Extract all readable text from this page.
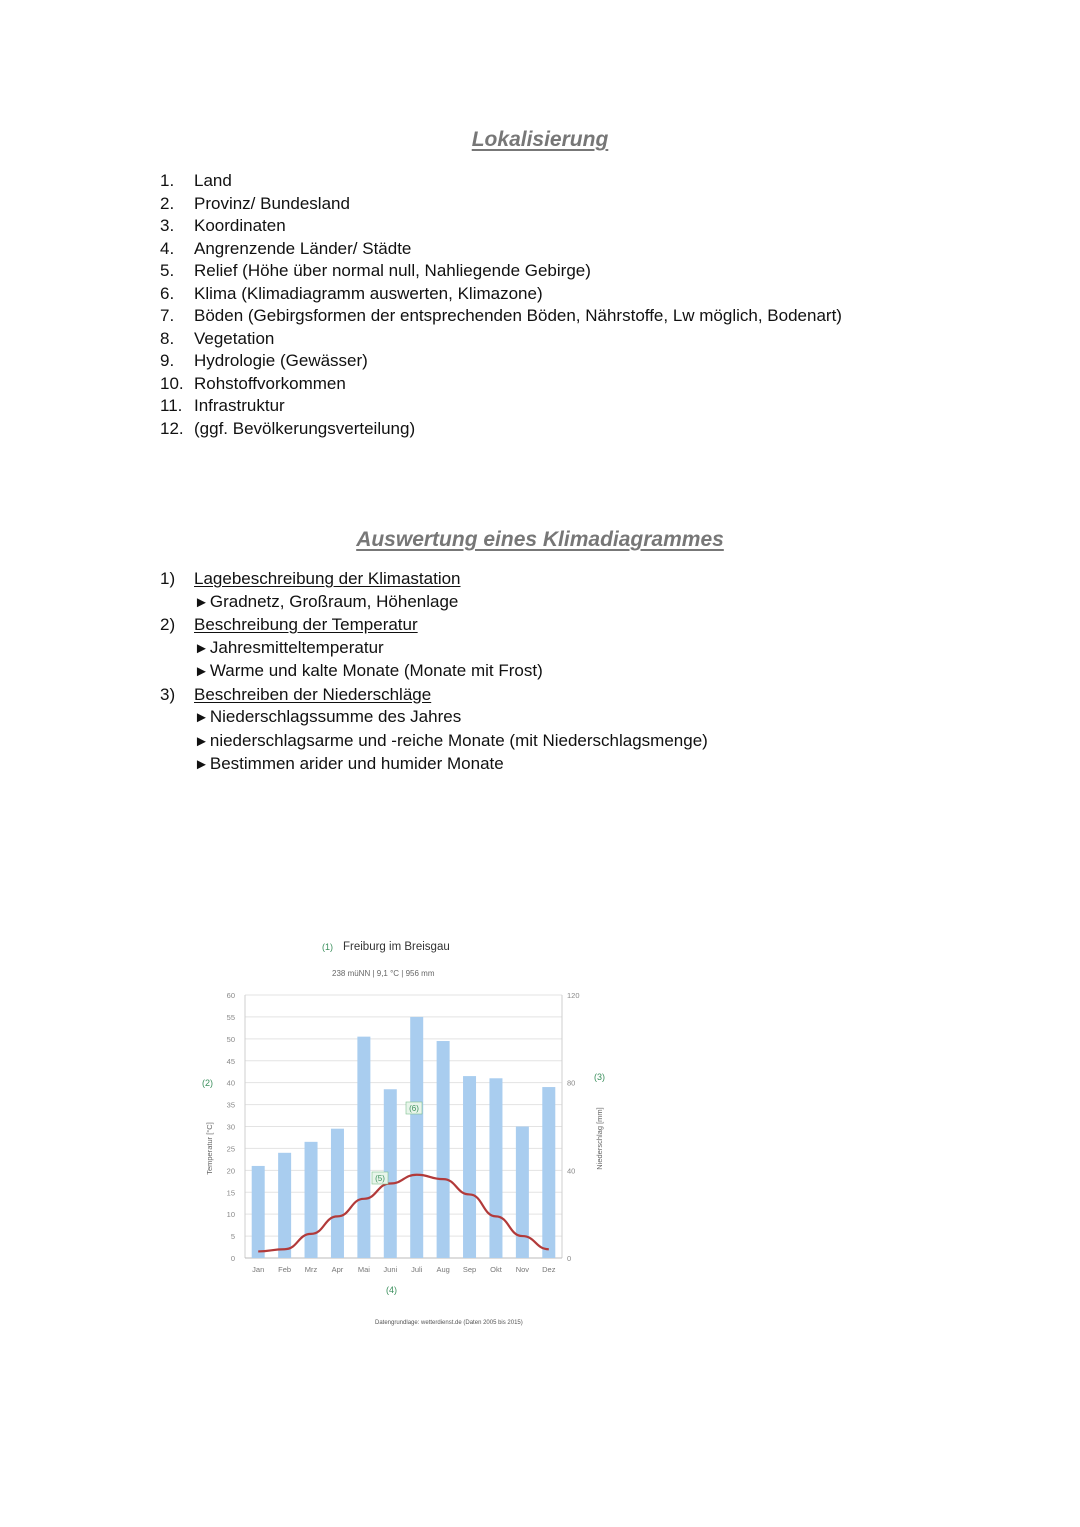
Lokalisierung
1.	Land
2.	Provinz/ Bundesland
3.	Koordinaten
4.	Angrenzende Länder/ Städte
5.	Relief (Höhe über normal null, Nahliegende Gebirge)
6.	Klima (Klimadiagramm auswerten, Klimazone)
7.	Böden (Gebirgsformen der entsprechenden Böden, Nährstoffe, Lw möglich, Bodenart)
8.	Vegetation
9.	Hydrologie (Gewässer)
10. Rohstoffvorkommen
11. Infrastruktur
12. (ggf. Bevölkerungsverteilung)
Auswertung eines Klimadiagrammes
1)	Lagebeschreibung der Klimastation
►Gradnetz, Großraum, Höhenlage
2)	Beschreibung der Temperatur
►Jahresmitteltemperatur
►Warme und kalte Monate (Monate mit Frost)
3)	Beschreiben der Niederschläge
►Niederschlagssumme des Jahres
►niederschlagsarme und -reiche Monate (mit Niederschlagsmenge)
►Bestimmen arider und humider Monate
(1) Freiburg im Breisgau
238 müNN | 9,1 °C | 956 mm
0
5
10
15
20
25
30
35
40
45
50
55
60
0
40
80
120
Jan Feb Mrz Apr Mai Juni Juli Aug Sep Okt Nov Dez
Temperatur [°C]
(2)
Niederschlag [mm]
(3)
(4)
(5)
(6)
Datengrundlage: wetterdienst.de (Daten 2005 bis 2015)
